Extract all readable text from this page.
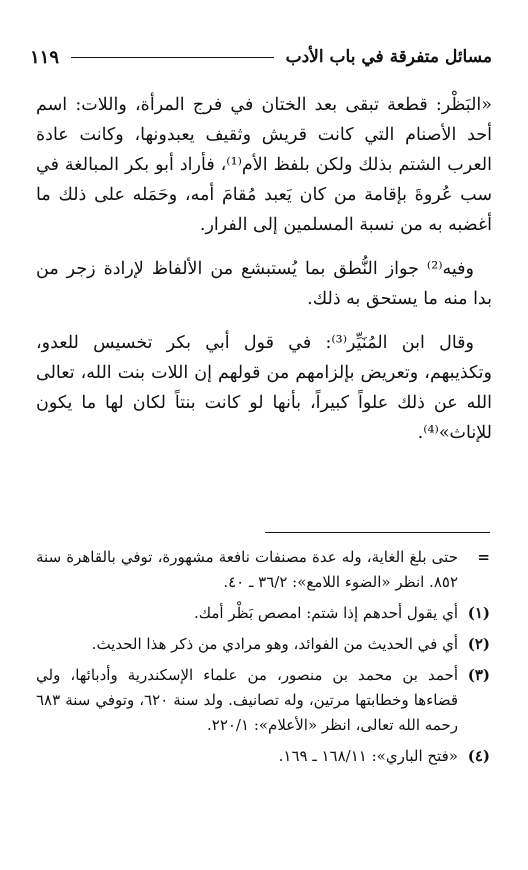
مسائل متفرقة في باب الأدب
١١٩

«البَظْر: قطعة تبقى بعد الختان في فرج المرأة، واللات: اسم أحد الأصنام التي كانت قريش وثقيف يعبدونها، وكانت عادة العرب الشتم بذلك ولكن بلفظ الأم⁽¹⁾، فأراد أبو بكر المبالغة في سب عُروةَ بإقامة من كان يَعبد مُقامَ أمه، وحَمَله على ذلك ما أغضبه به من نسبة المسلمين إلى الفرار.

وفيه⁽²⁾ جواز النُّطق بما يُستبشع من الألفاظ لإرادة زجر من بدا منه ما يستحق به ذلك.

وقال ابن المُنَيِّر⁽³⁾: في قول أبي بكر تخسيس للعدو، وتكذيبهم، وتعريض بإلزامهم من قولهم إن اللات بنت الله، تعالى الله عن ذلك علواً كبيراً، بأنها لو كانت بنتاً لكان لها ما يكون للإناث»⁽⁴⁾.

=
حتى بلغ الغاية، وله عدة مصنفات نافعة مشهورة، توفي بالقاهرة سنة ٨٥٢. انظر «الضوء اللامع»: ٣٦/٢ ـ ٤٠.
(١)
أي يقول أحدهم إذا شتم: امصص بَظْر أمك.
(٢)
أي في الحديث من الفوائد، وهو مرادي من ذكر هذا الحديث.
(٣)
أحمد بن محمد بن منصور، من علماء الإسكندرية وأدبائها، ولي قضاءها وخطابتها مرتين، وله تصانيف. ولد سنة ٦٢٠، وتوفي سنة ٦٨٣ رحمه الله تعالى، انظر «الأعلام»: ٢٢٠/١.
(٤)
«فتح الباري»: ١٦٨/١١ ـ ١٦٩.
